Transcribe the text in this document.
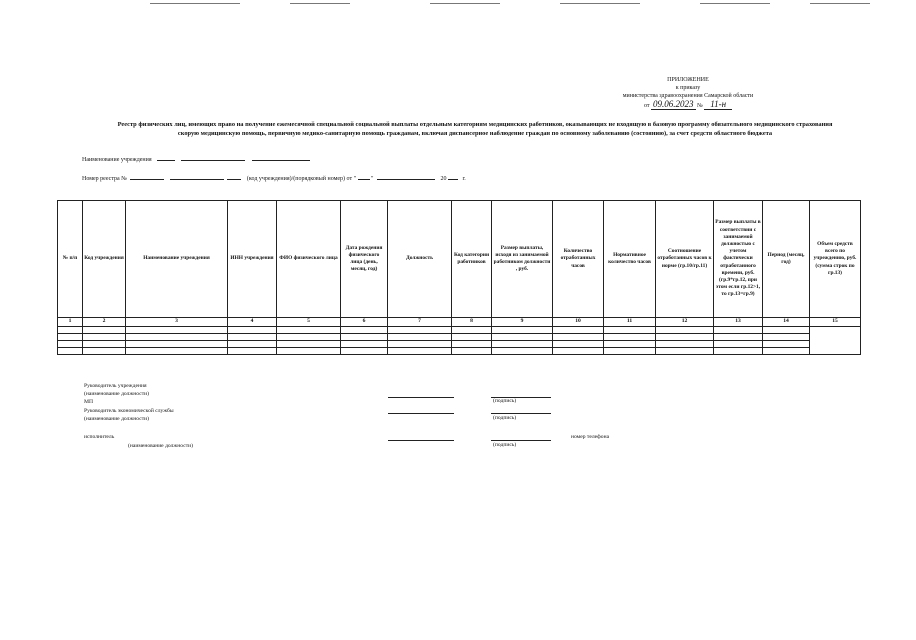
ПРИЛОЖЕНИЕ
к приказу
министерства здравоохранения Самарской области
от 09.06.2023 № 11-н
Реестр физических лиц, имеющих право на получение ежемесячной специальной социальной выплаты отдельным категориям медицинских работников, оказывающих не входящую в базовую программу обязательного медицинского страхования скорую медицинскую помощь, первичную медико-санитарную помощь гражданам, включая диспансерное наблюдение граждан по основному заболеванию (состоянию), за счет средств областного бюджета
Наименование учреждения
Номер реестра №	(код учреждения)/(порядковый номер) от "	"	20	г.
№ п/п	Код учреждения	Наименование учреждения	ИНН учреждения	ФИО физического лица	Дата рождения физического лица (день, месяц, год)	Должность	Код категории работников	Размер выплаты, исходя из занимаемой работником должности , руб.	Количество отработанных часов	Нормативное количество часов	Соотношение отработанных часов к норме (гр.10/гр.11)	Размер выплаты в соответствии с занимаемой должностью с учетом фактически отработанного времени, руб. (гр.9*гр.12, при этом если гр.12>1, то гр.13=гр.9)	Период (месяц, год)	Объем средств всего по учреждению, руб. (сумма строк по гр.13)
1	2	3	4	5	6	7	8	9	10	11	12	13	14	15

Руководитель учреждения
(наименование должности)
МП	(подпись)
Руководитель экономической службы
(наименование должности)	(подпись)
исполнитель	номер телефона
(наименование должности)	(подпись)
